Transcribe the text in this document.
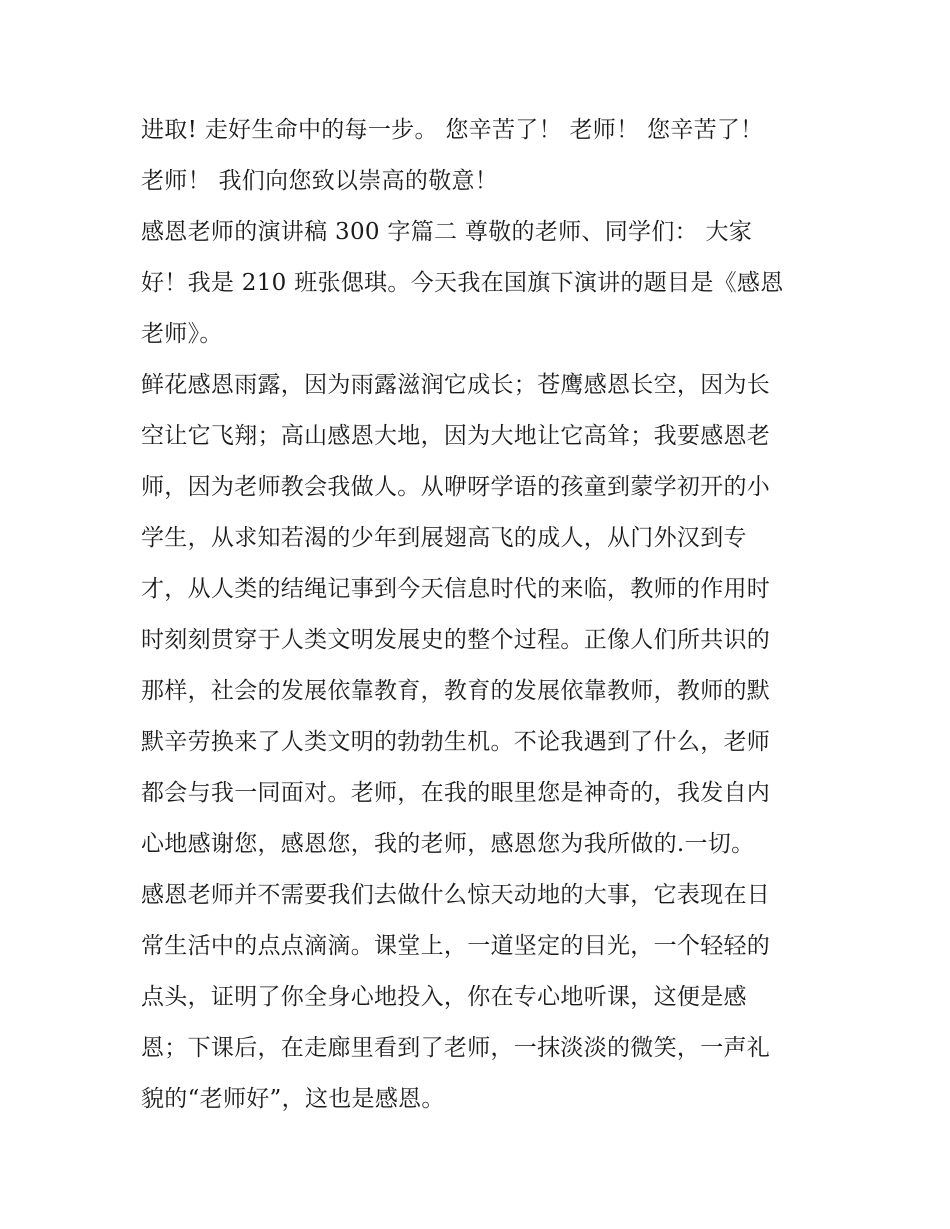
进取! 走好生命中的每一步。 您辛苦了！ 老师！ 您辛苦了！
老师！ 我们向您致以崇高的敬意！
感恩老师的演讲稿 300 字篇二 尊敬的老师、同学们： 大家
好！我是 210 班张偲琪。今天我在国旗下演讲的题目是《感恩
老师》。
鲜花感恩雨露，因为雨露滋润它成长；苍鹰感恩长空，因为长
空让它飞翔；高山感恩大地，因为大地让它高耸；我要感恩老
师，因为老师教会我做人。从咿呀学语的孩童到蒙学初开的小
学生，从求知若渴的少年到展翅高飞的成人，从门外汉到专
才，从人类的结绳记事到今天信息时代的来临，教师的作用时
时刻刻贯穿于人类文明发展史的整个过程。正像人们所共识的
那样，社会的发展依靠教育，教育的发展依靠教师，教师的默
默辛劳换来了人类文明的勃勃生机。不论我遇到了什么，老师
都会与我一同面对。老师，在我的眼里您是神奇的，我发自内
心地感谢您，感恩您，我的老师，感恩您为我所做的.一切。
感恩老师并不需要我们去做什么惊天动地的大事，它表现在日
常生活中的点点滴滴。课堂上，一道坚定的目光，一个轻轻的
点头，证明了你全身心地投入，你在专心地听课，这便是感
恩；下课后，在走廊里看到了老师，一抹淡淡的微笑，一声礼
貌的“老师好”，这也是感恩。
